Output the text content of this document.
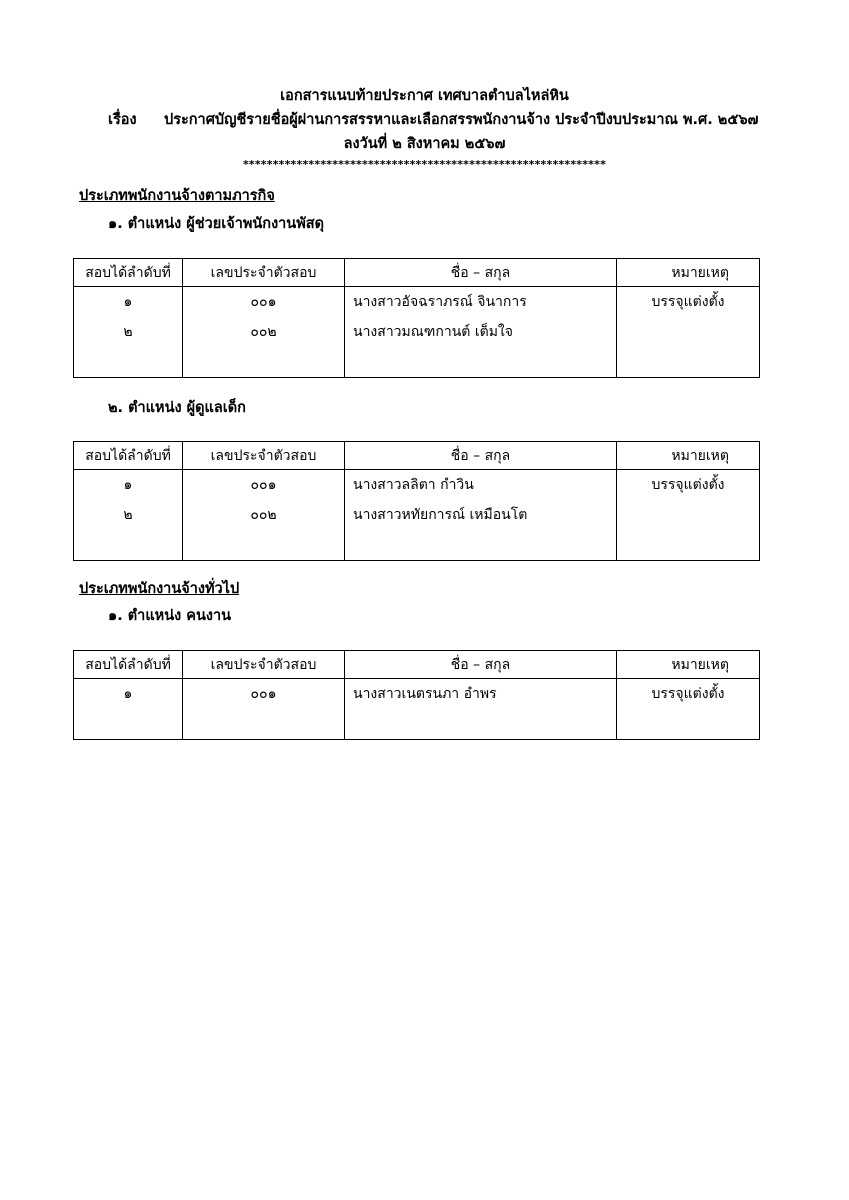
เอกสารแนบท้ายประกาศ เทศบาลตำบลไหล่หิน
เรื่อง ประกาศบัญชีรายชื่อผู้ผ่านการสรรหาและเลือกสรรพนักงานจ้าง ประจำปีงบประมาณ พ.ศ. ๒๕๖๗
ลงวันที่ ๒ สิงหาคม ๒๕๖๗
*************************************************************
ประเภทพนักงานจ้างตามภารกิจ
๑. ตำแหน่ง ผู้ช่วยเจ้าพนักงานพัสดุ
สอบได้ลำดับที่	เลขประจำตัวสอบ	ชื่อ – สกุล	หมายเหตุ
๑	๐๐๑	นางสาวอัจฉราภรณ์ จินาการ	บรรจุแต่งตั้ง
๒	๐๐๒	นางสาวมณฑกานต์ เต็มใจ	

๒. ตำแหน่ง ผู้ดูแลเด็ก
สอบได้ลำดับที่	เลขประจำตัวสอบ	ชื่อ – สกุล	หมายเหตุ
๑	๐๐๑	นางสาวลลิตา กำวิน	บรรจุแต่งตั้ง
๒	๐๐๒	นางสาวหทัยการณ์ เหมือนโต	

ประเภทพนักงานจ้างทั่วไป
๑. ตำแหน่ง คนงาน
สอบได้ลำดับที่	เลขประจำตัวสอบ	ชื่อ – สกุล	หมายเหตุ
๑	๐๐๑	นางสาวเนตรนภา อำพร	บรรจุแต่งตั้ง
